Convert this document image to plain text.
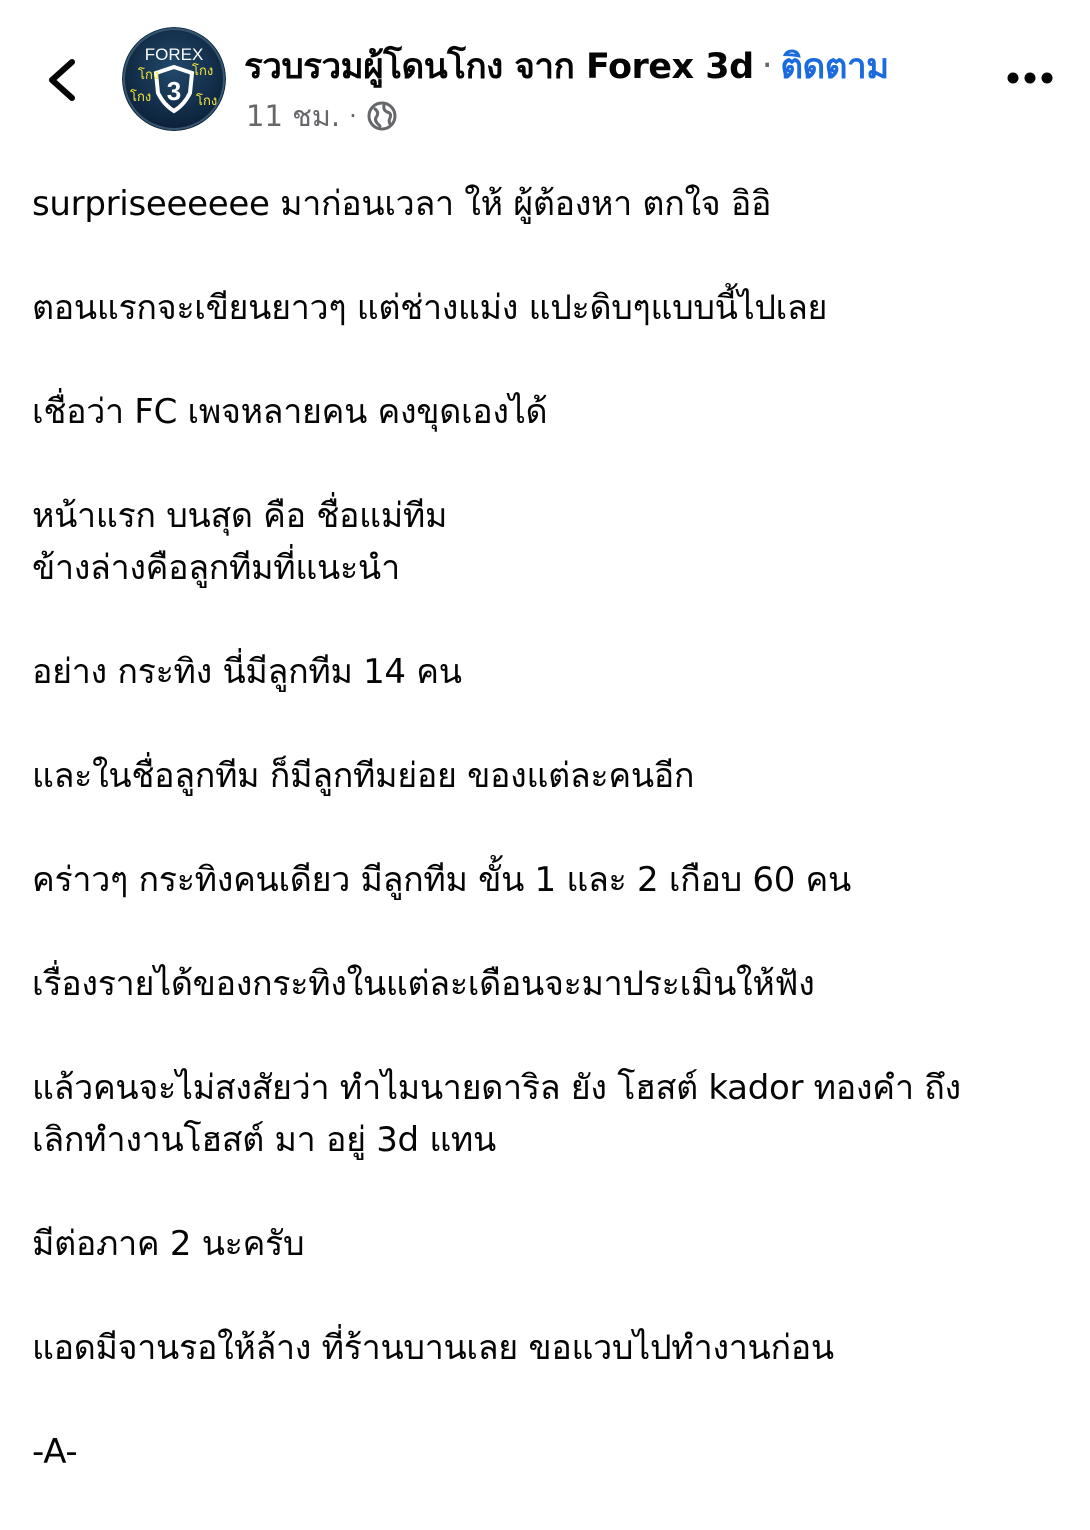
FOREX
3
โกง	โกง
โกง	โกง
รวบรวมผู้โดนโกง จาก Forex 3d · ติดตาม
11 ชม. ·

surpriseeeeee มาก่อนเวลา ให้ ผู้ต้องหา ตกใจ อิอิ

ตอนแรกจะเขียนยาวๆ แต่ช่างแม่ง แปะดิบๆแบบนี้ไปเลย

เชื่อว่า FC เพจหลายคน คงขุดเองได้

หน้าแรก บนสุด คือ ชื่อแม่ทีม
ข้างล่างคือลูกทีมที่แนะนำ

อย่าง กระทิง นี่มีลูกทีม 14 คน

และในชื่อลูกทีม ก็มีลูกทีมย่อย ของแต่ละคนอีก

คร่าวๆ กระทิงคนเดียว มีลูกทีม ขั้น 1 และ 2 เกือบ 60 คน

เรื่องรายได้ของกระทิงในแต่ละเดือนจะมาประเมินให้ฟัง

แล้วคนจะไม่สงสัยว่า ทำไมนายดาริล ยัง โฮสต์ kador ทองคำ ถึง
เลิกทำงานโฮสต์ มา อยู่ 3d แทน

มีต่อภาค 2 นะครับ

แอดมีจานรอให้ล้าง ที่ร้านบานเลย ขอแวบไปทำงานก่อน

-A-
